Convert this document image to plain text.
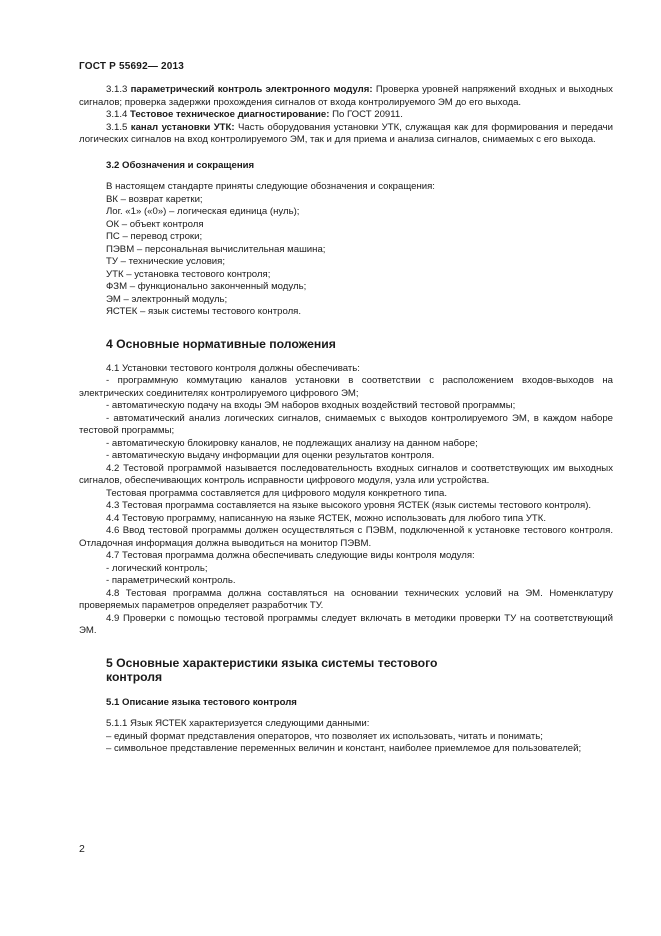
ГОСТ Р 55692— 2013

3.1.3 параметрический контроль электронного модуля: Проверка уровней напряжений входных и выходных сигналов; проверка задержки прохождения сигналов от входа контролируемого ЭМ до его выхода.

3.1.4 Тестовое техническое диагностирование: По ГОСТ 20911.

3.1.5 канал установки УТК: Часть оборудования установки УТК, служащая как для формирования и передачи логических сигналов на вход контролируемого ЭМ, так и для приема и анализа сигналов, снимаемых с его выхода.

3.2 Обозначения и сокращения

В настоящем стандарте приняты следующие обозначения и сокращения:

ВК – возврат каретки;

Лог. «1» («0») – логическая единица (нуль);

ОК – объект контроля

ПС – перевод строки;

ПЭВМ – персональная вычислительная машина;

ТУ – технические условия;

УТК – установка тестового контроля;

ФЗМ – функционально законченный модуль;

ЭМ – электронный модуль;

ЯСТЕК – язык системы тестового контроля.

4 Основные нормативные положения

4.1 Установки тестового контроля должны обеспечивать:

- программную коммутацию каналов установки в соответствии с расположением входов-выходов на электрических соединителях контролируемого цифрового ЭМ;

- автоматическую подачу на входы ЭМ наборов входных воздействий тестовой программы;

- автоматический анализ логических сигналов, снимаемых с выходов контролируемого ЭМ, в каждом наборе тестовой программы;

- автоматическую блокировку каналов, не подлежащих анализу на данном наборе;

- автоматическую выдачу информации для оценки результатов контроля.

4.2 Тестовой программой называется последовательность входных сигналов и соответствующих им выходных сигналов, обеспечивающих контроль исправности цифрового модуля, узла или устройства.

Тестовая программа составляется для цифрового модуля конкретного типа.

4.3 Тестовая программа составляется на языке высокого уровня ЯСТЕК (язык системы тестового контроля).

4.4 Тестовую программу, написанную на языке ЯСТЕК, можно использовать для любого типа УТК.

4.6 Ввод тестовой программы должен осуществляться с ПЭВМ, подключенной к установке тестового контроля. Отладочная информация должна выводиться на монитор ПЭВМ.

4.7 Тестовая программа должна обеспечивать следующие виды контроля модуля:

- логический контроль;

- параметрический контроль.

4.8 Тестовая программа должна составляться на основании технических условий на ЭМ. Номенклатуру проверяемых параметров определяет разработчик ТУ.

4.9 Проверки с помощью тестовой программы следует включать в методики проверки ТУ на соответствующий ЭМ.

5 Основные характеристики языка системы тестового
контроля
5.1 Описание языка тестового контроля

5.1.1 Язык ЯСТЕК характеризуется следующими данными:

– единый формат представления операторов, что позволяет их использовать, читать и понимать;

– символьное представление переменных величин и констант, наиболее приемлемое для пользователей;

2
